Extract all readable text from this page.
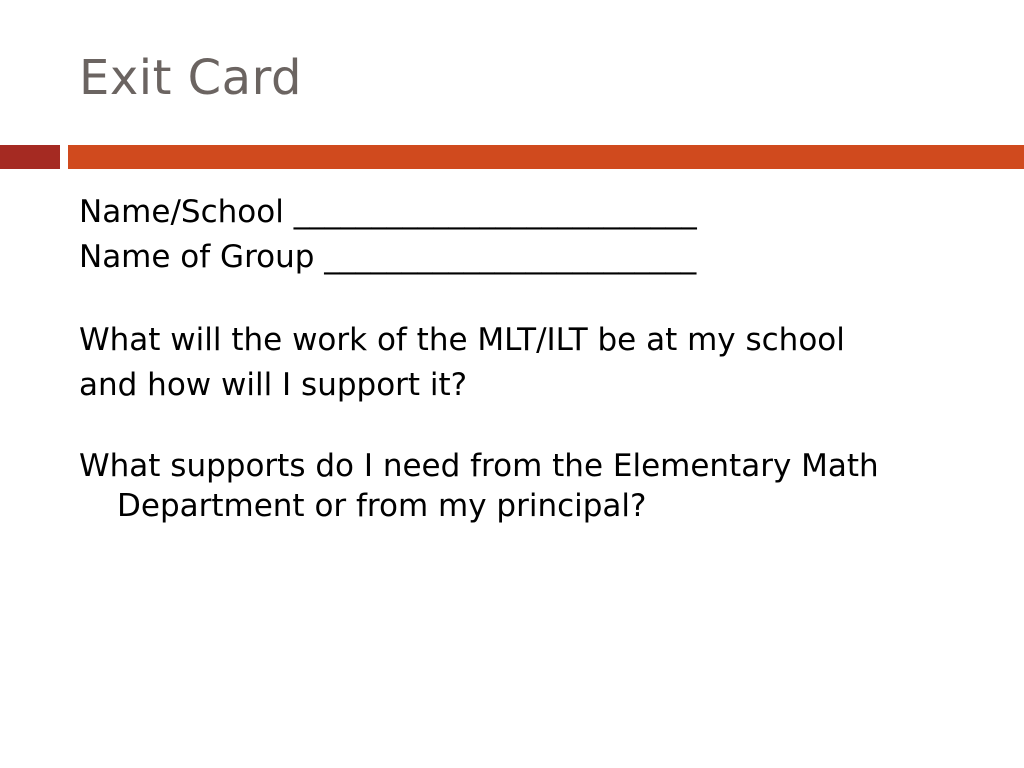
Exit Card
Name/School __________________________
Name of Group ________________________
What will the work of the MLT/ILT be at my school
and how will I support it?
What supports do I need from the Elementary Math
Department or from my principal?
